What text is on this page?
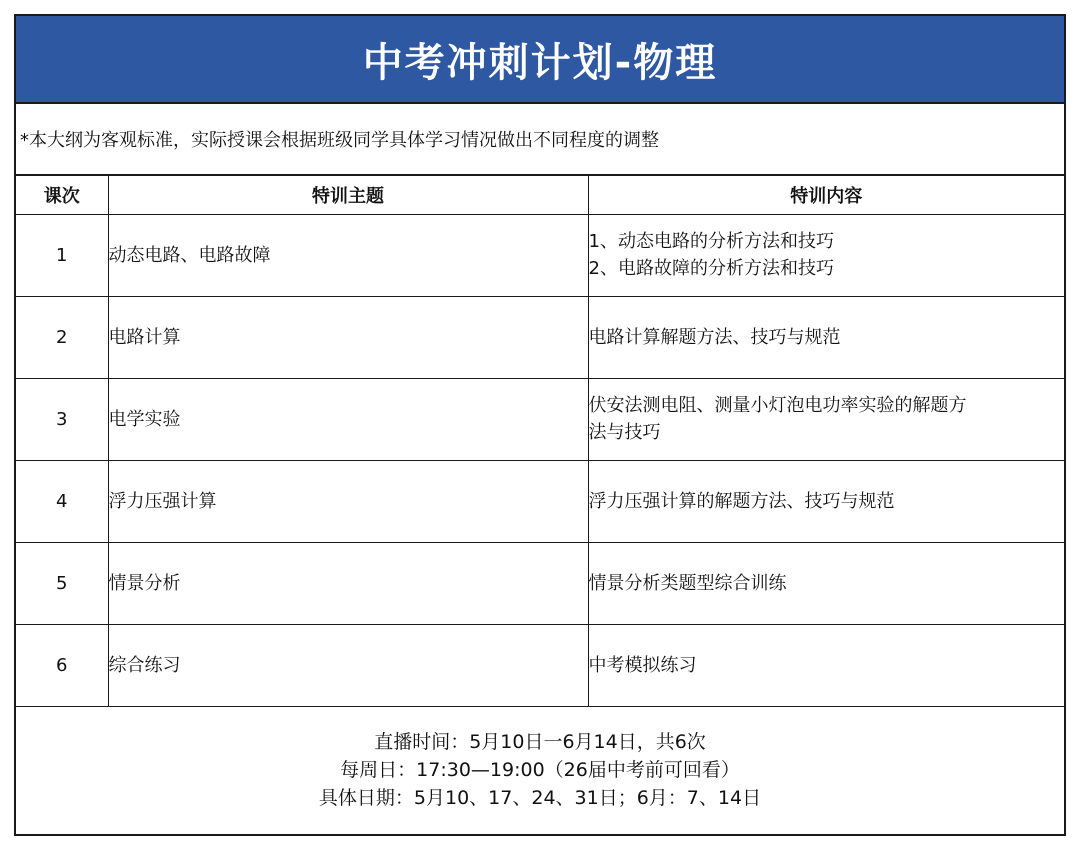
中考冲刺计划-物理
*本大纲为客观标准，实际授课会根据班级同学具体学习情况做出不同程度的调整
课次	特训主题	特训内容
1	动态电路、电路故障	1、动态电路的分析方法和技巧
2、电路故障的分析方法和技巧

2	电路计算	电路计算解题方法、技巧与规范

3	电学实验	伏安法测电阻、测量小灯泡电功率实验的解题方
法与技巧

4	浮力压强计算	浮力压强计算的解题方法、技巧与规范

5	情景分析	情景分析类题型综合训练

6	综合练习	中考模拟练习
直播时间：5月10日一6月14日，共6次
每周日：17:30—19:00（26届中考前可回看）
具体日期：5月10、17、24、31日；6月：7、14日
